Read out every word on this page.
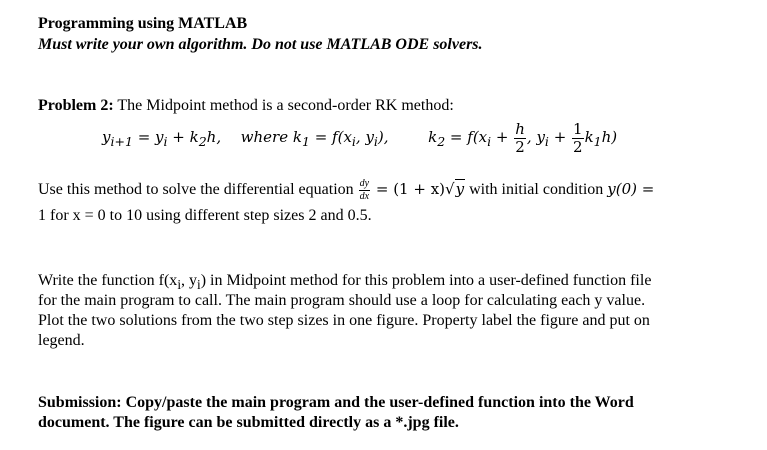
Programming using MATLAB
Must write your own algorithm. Do not use MATLAB ODE solvers.
Problem 2: The Midpoint method is a second-order RK method:
$y_{i+1} = y_i + k_2h$, where $k_1 = f(x_i$, $y_i$),	$k_2 = f(x_i + \frac{h}{2}$ , $y_i + \frac{1}{2} k_1h$)
Use this method to solve the differential equation $\frac{dy}{dx} = (1 + x)√y$ with initial condition y(0) =
1 for x = 0 to 10 using different step sizes 2 and 0.5.
Write the function $f(x_i$, $y_i$) in Midpoint method for this problem into a user-defined function file
for the main program to call. The main program should use a loop for calculating each y value.
Plot the two solutions from the two step sizes in one figure. Property label the figure and put on
legend.
Submission: Copy/paste the main program and the user-defined function into the Word
document. The figure can be submitted directly as a *.jpg file.
